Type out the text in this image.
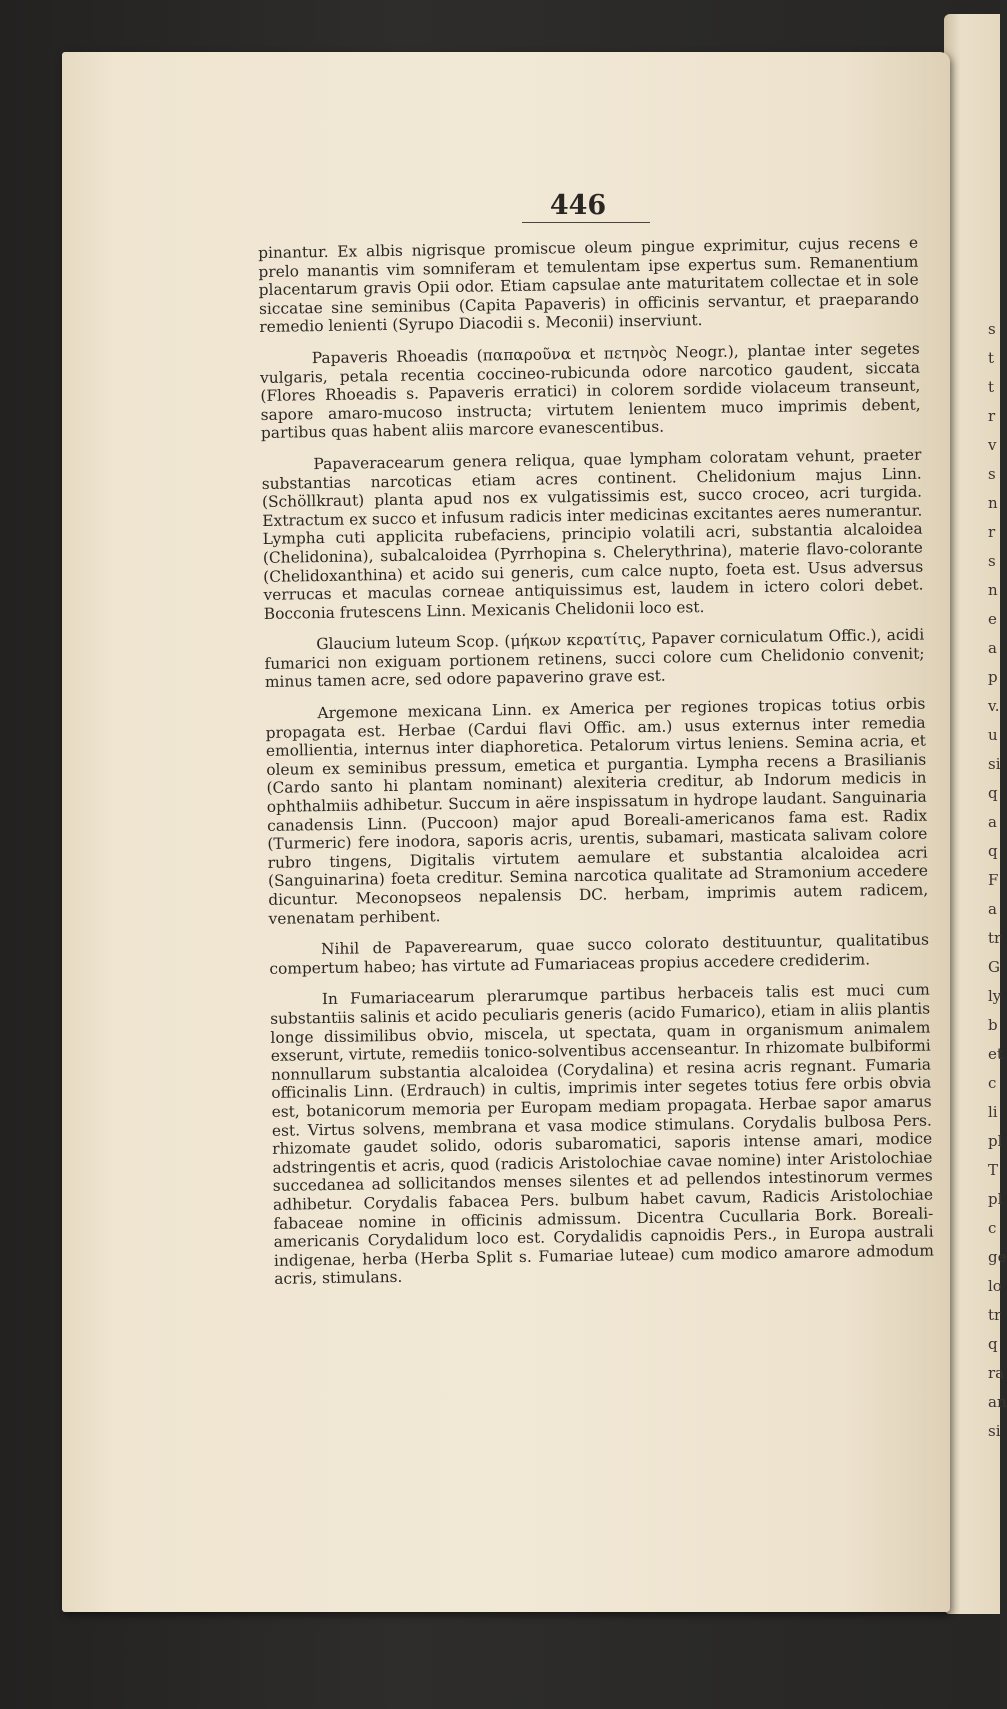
s
t
t
r
v
s
n
r
s
n
e
a
p
v.
u
si
q
a
q
F
a
tr
G
ly
b
et
c
li
pl
T
pl
c
ge
lo
tr
q
ra
an
si
446

pinantur. Ex albis nigrisque promiscue oleum pingue exprimitur, cujus recens e prelo manantis vim somniferam et temulentam ipse expertus sum. Remanentium placentarum gravis Opii odor. Etiam capsulae ante maturitatem collectae et in sole siccatae sine seminibus (Capita Papaveris) in officinis servantur, et praeparando remedio lenienti (Syrupo Diacodii s. Meconii) inserviunt.

Papaveris Rhoeadis (παπαροῦνα et πετηνὸς Neogr.), plantae inter segetes vulgaris, petala recentia coccineo-rubicunda odore narcotico gaudent, siccata (Flores Rhoeadis s. Papaveris erratici) in colorem sordide violaceum transeunt, sapore amaro-mucoso instructa; virtutem lenientem muco imprimis debent, partibus quas habent aliis marcore evanescentibus.

Papaveracearum genera reliqua, quae lympham coloratam vehunt, praeter substantias narcoticas etiam acres continent. Chelidonium majus Linn. (Schöllkraut) planta apud nos ex vulgatissimis est, succo croceo, acri turgida. Extractum ex succo et infusum radicis inter medicinas excitantes aeres numerantur. Lympha cuti applicita rubefaciens, principio volatili acri, substantia alcaloidea (Chelidonina), subalcaloidea (Pyrrhopina s. Chelerythrina), materie flavo-colorante (Chelidoxanthina) et acido sui generis, cum calce nupto, foeta est. Usus adversus verrucas et maculas corneae antiquissimus est, laudem in ictero colori debet. Bocconia frutescens Linn. Mexicanis Chelidonii loco est.

Glaucium luteum Scop. (μήκων κερατίτις, Papaver corniculatum Offic.), acidi fumarici non exiguam portionem retinens, succi colore cum Chelidonio convenit; minus tamen acre, sed odore papaverino grave est.

Argemone mexicana Linn. ex America per regiones tropicas totius orbis propagata est. Herbae (Cardui flavi Offic. am.) usus externus inter remedia emollientia, internus inter diaphoretica. Petalorum virtus leniens. Semina acria, et oleum ex seminibus pressum, emetica et purgantia. Lympha recens a Brasilianis (Cardo santo hi plantam nominant) alexiteria creditur, ab Indorum medicis in ophthalmiis adhibetur. Succum in aëre inspissatum in hydrope laudant. Sanguinaria canadensis Linn. (Puccoon) major apud Boreali-americanos fama est. Radix (Turmeric) fere inodora, saporis acris, urentis, subamari, masticata salivam colore rubro tingens, Digitalis virtutem aemulare et substantia alcaloidea acri (Sanguinarina) foeta creditur. Semina narcotica qualitate ad Stramonium accedere dicuntur. Meconopseos nepalensis DC. herbam, imprimis autem radicem, venenatam perhibent.

Nihil de Papaverearum, quae succo colorato destituuntur, qualitatibus compertum habeo; has virtute ad Fumariaceas propius accedere crediderim.

In Fumariacearum plerarumque partibus herbaceis talis est muci cum substantiis salinis et acido peculiaris generis (acido Fumarico), etiam in aliis plantis longe dissimilibus obvio, miscela, ut spectata, quam in organismum animalem exserunt, virtute, remediis tonico-solventibus accenseantur. In rhizomate bulbiformi nonnullarum substantia alcaloidea (Corydalina) et resina acris regnant. Fumaria officinalis Linn. (Erdrauch) in cultis, imprimis inter segetes totius fere orbis obvia est, botanicorum memoria per Europam mediam propagata. Herbae sapor amarus est. Virtus solvens, membrana et vasa modice stimulans. Corydalis bulbosa Pers. rhizomate gaudet solido, odoris subaromatici, saporis intense amari, modice adstringentis et acris, quod (radicis Aristolochiae cavae nomine) inter Aristolochiae succedanea ad sollicitandos menses silentes et ad pellendos intestinorum vermes adhibetur. Corydalis fabacea Pers. bulbum habet cavum, Radicis Aristolochiae fabaceae nomine in officinis admissum. Dicentra Cucullaria Bork. Boreali-americanis Corydalidum loco est. Corydalidis capnoidis Pers., in Europa australi indigenae, herba (Herba Split s. Fumariae luteae) cum modico amarore admodum acris, stimulans.
